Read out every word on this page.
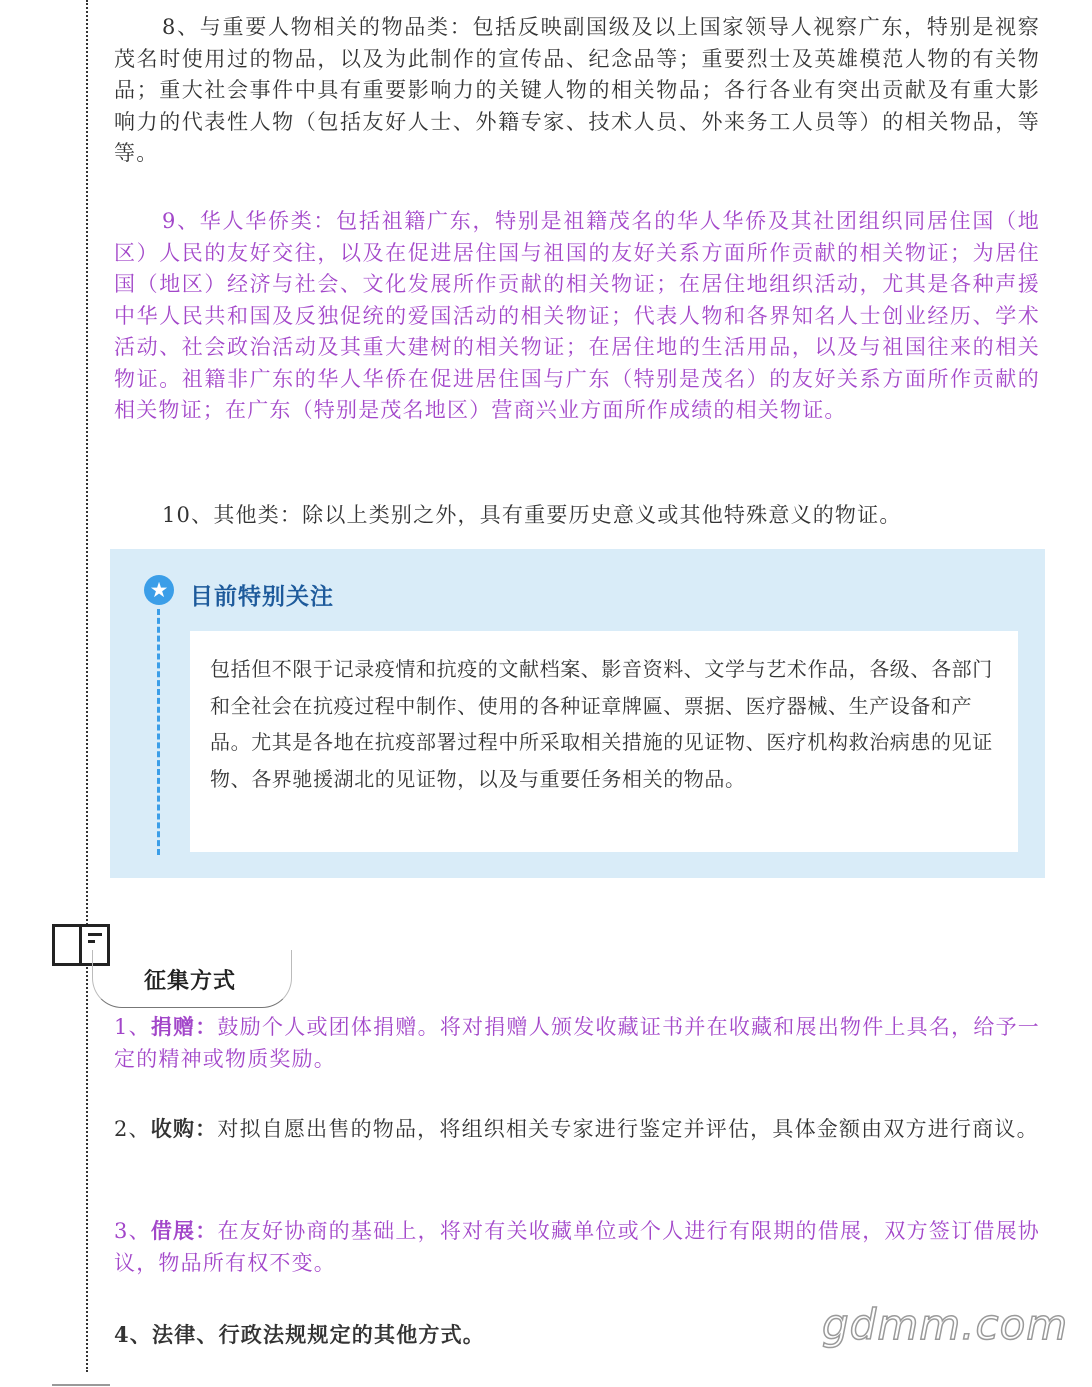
8、与重要人物相关的物品类：包括反映副国级及以上国家领导人视察广东，特别是视察茂名时使用过的物品，以及为此制作的宣传品、纪念品等；重要烈士及英雄模范人物的有关物品；重大社会事件中具有重要影响力的关键人物的相关物品；各行各业有突出贡献及有重大影响力的代表性人物（包括友好人士、外籍专家、技术人员、外来务工人员等）的相关物品，等等。

9、华人华侨类：包括祖籍广东，特别是祖籍茂名的华人华侨及其社团组织同居住国（地区）人民的友好交往，以及在促进居住国与祖国的友好关系方面所作贡献的相关物证；为居住国（地区）经济与社会、文化发展所作贡献的相关物证；在居住地组织活动，尤其是各种声援中华人民共和国及反独促统的爱国活动的相关物证；代表人物和各界知名人士创业经历、学术活动、社会政治活动及其重大建树的相关物证；在居住地的生活用品，以及与祖国往来的相关物证。祖籍非广东的华人华侨在促进居住国与广东（特别是茂名）的友好关系方面所作贡献的相关物证；在广东（特别是茂名地区）营商兴业方面所作成绩的相关物证。

10、其他类：除以上类别之外，具有重要历史意义或其他特殊意义的物证。

★ 目前特别关注

包括但不限于记录疫情和抗疫的文献档案、影音资料、文学与艺术作品，各级、各部门和全社会在抗疫过程中制作、使用的各种证章牌匾、票据、医疗器械、生产设备和产品。尤其是各地在抗疫部署过程中所采取相关措施的见证物、医疗机构救治病患的见证物、各界驰援湖北的见证物，以及与重要任务相关的物品。

征集方式

1、捐赠：鼓励个人或团体捐赠。将对捐赠人颁发收藏证书并在收藏和展出物件上具名，给予一定的精神或物质奖励。

2、收购：对拟自愿出售的物品，将组织相关专家进行鉴定并评估，具体金额由双方进行商议。

3、借展：在友好协商的基础上，将对有关收藏单位或个人进行有限期的借展，双方签订借展协议，物品所有权不变。

4、法律、行政法规规定的其他方式。	gdmm.com
